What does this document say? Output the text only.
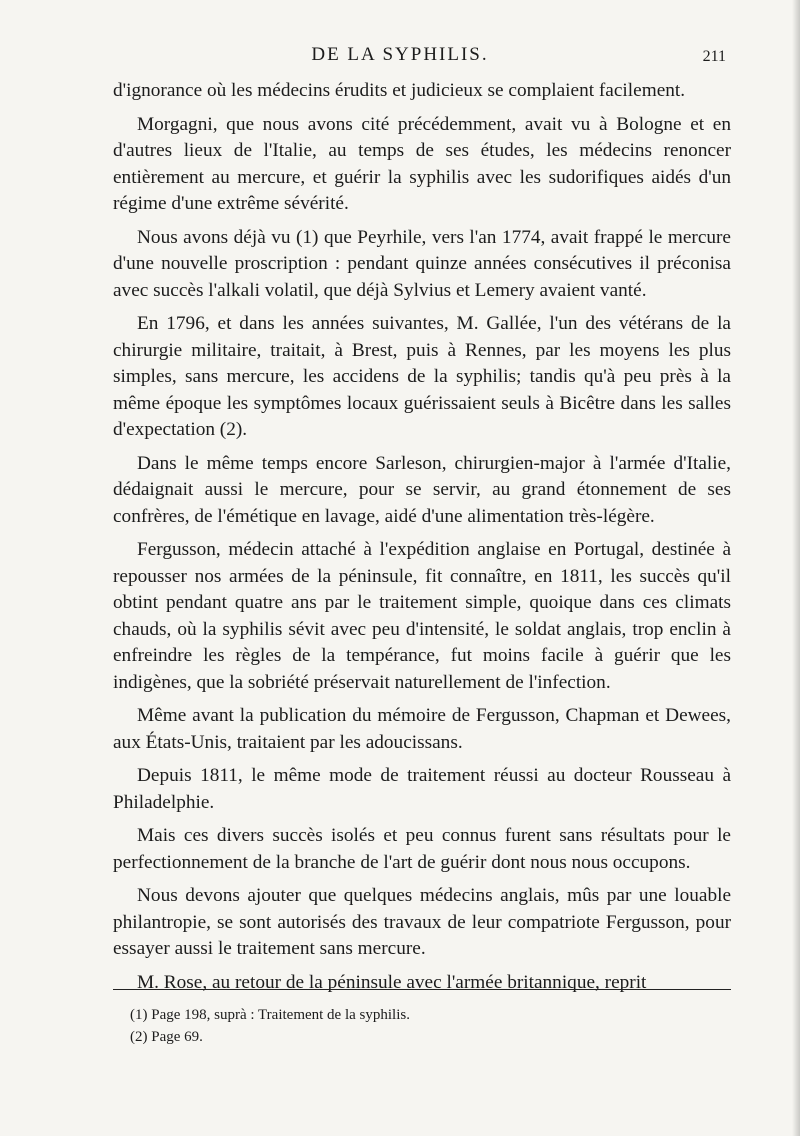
DE LA SYPHILIS.	211

d'ignorance où les médecins érudits et judicieux se complaient facilement.

Morgagni, que nous avons cité précédemment, avait vu à Bologne et en d'autres lieux de l'Italie, au temps de ses études, les médecins renoncer entièrement au mercure, et guérir la syphilis avec les sudorifiques aidés d'un régime d'une extrême sévérité.

Nous avons déjà vu (1) que Peyrhile, vers l'an 1774, avait frappé le mercure d'une nouvelle proscription : pendant quinze années consécutives il préconisa avec succès l'alkali volatil, que déjà Sylvius et Lemery avaient vanté.

En 1796, et dans les années suivantes, M. Gallée, l'un des vétérans de la chirurgie militaire, traitait, à Brest, puis à Rennes, par les moyens les plus simples, sans mercure, les accidens de la syphilis; tandis qu'à peu près à la même époque les symptômes locaux guérissaient seuls à Bicêtre dans les salles d'expectation (2).

Dans le même temps encore Sarleson, chirurgien-major à l'armée d'Italie, dédaignait aussi le mercure, pour se servir, au grand étonnement de ses confrères, de l'émétique en lavage, aidé d'une alimentation très-légère.

Fergusson, médecin attaché à l'expédition anglaise en Portugal, destinée à repousser nos armées de la péninsule, fit connaître, en 1811, les succès qu'il obtint pendant quatre ans par le traitement simple, quoique dans ces climats chauds, où la syphilis sévit avec peu d'intensité, le soldat anglais, trop enclin à enfreindre les règles de la tempérance, fut moins facile à guérir que les indigènes, que la sobriété préservait naturellement de l'infection.

Même avant la publication du mémoire de Fergusson, Chapman et Dewees, aux États-Unis, traitaient par les adoucissans.

Depuis 1811, le même mode de traitement réussi au docteur Rousseau à Philadelphie.

Mais ces divers succès isolés et peu connus furent sans résultats pour le perfectionnement de la branche de l'art de guérir dont nous nous occupons.

Nous devons ajouter que quelques médecins anglais, mûs par une louable philantropie, se sont autorisés des travaux de leur compatriote Fergusson, pour essayer aussi le traitement sans mercure.

M. Rose, au retour de la péninsule avec l'armée britannique, reprit

(1) Page 198, suprà : Traitement de la syphilis.
(2) Page 69.
